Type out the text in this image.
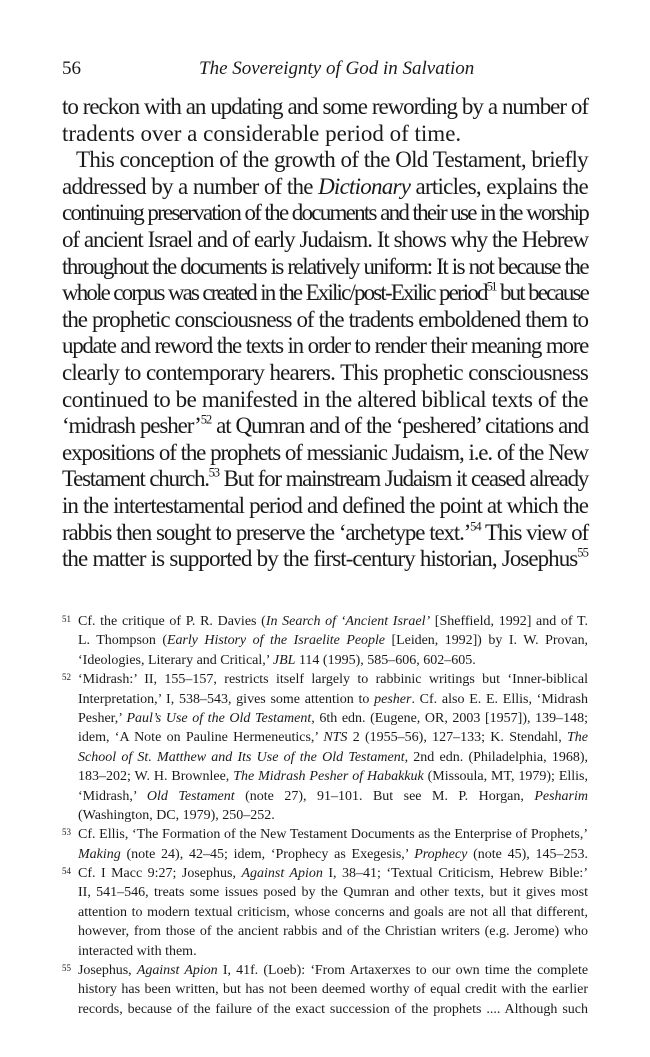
56	The Sovereignty of God in Salvation
to reckon with an updating and some rewording by a number of
tradents over a considerable period of time.
This conception of the growth of the Old Testament, briefly
addressed by a number of the Dictionary articles, explains the
continuing preservation of the documents and their use in the worship
of ancient Israel and of early Judaism. It shows why the Hebrew
throughout the documents is relatively uniform: It is not because the
whole corpus was created in the Exilic/post-Exilic period$^{51}$ but because
the prophetic consciousness of the tradents emboldened them to
update and reword the texts in order to render their meaning more
clearly to contemporary hearers. This prophetic consciousness
continued to be manifested in the altered biblical texts of the
‘midrash pesher’$^{52}$ at Qumran and of the ‘peshered’ citations and
expositions of the prophets of messianic Judaism, i.e. of the New
Testament church.$^{53}$ But for mainstream Judaism it ceased already
in the intertestamental period and defined the point at which the
rabbis then sought to preserve the ‘archetype text.’$^{54}$ This view of
the matter is supported by the first-century historian, Josephus$^{55}$
51 Cf. the critique of P. R. Davies (In Search of ‘Ancient Israel’ [Sheffield, 1992] and of T.
L. Thompson (Early History of the Israelite People [Leiden, 1992]) by I. W. Provan,
‘Ideologies, Literary and Critical,’ JBL 114 (1995), 585–606, 602–605.
52 ‘Midrash:’ II, 155–157, restricts itself largely to rabbinic writings but ‘Inner-biblical
Interpretation,’ I, 538–543, gives some attention to pesher. Cf. also E. E. Ellis, ‘Midrash
Pesher,’ Paul’s Use of the Old Testament, 6th edn. (Eugene, OR, 2003 [1957]), 139–148;
idem, ‘A Note on Pauline Hermeneutics,’ NTS 2 (1955–56), 127–133; K. Stendahl, The
School of St. Matthew and Its Use of the Old Testament, 2nd edn. (Philadelphia, 1968),
183–202; W. H. Brownlee, The Midrash Pesher of Habakkuk (Missoula, MT, 1979); Ellis,
‘Midrash,’ Old Testament (note 27), 91–101. But see M. P. Horgan, Pesharim
(Washington, DC, 1979), 250–252.
53 Cf. Ellis, ‘The Formation of the New Testament Documents as the Enterprise of Prophets,’
Making (note 24), 42–45; idem, ‘Prophecy as Exegesis,’ Prophecy (note 45), 145–253.
54 Cf. I Macc 9:27; Josephus, Against Apion I, 38–41; ‘Textual Criticism, Hebrew Bible:’
II, 541–546, treats some issues posed by the Qumran and other texts, but it gives most
attention to modern textual criticism, whose concerns and goals are not all that different,
however, from those of the ancient rabbis and of the Christian writers (e.g. Jerome) who
interacted with them.
55 Josephus, Against Apion I, 41f. (Loeb): ‘From Artaxerxes to our own time the complete
history has been written, but has not been deemed worthy of equal credit with the earlier
records, because of the failure of the exact succession of the prophets .... Although such
